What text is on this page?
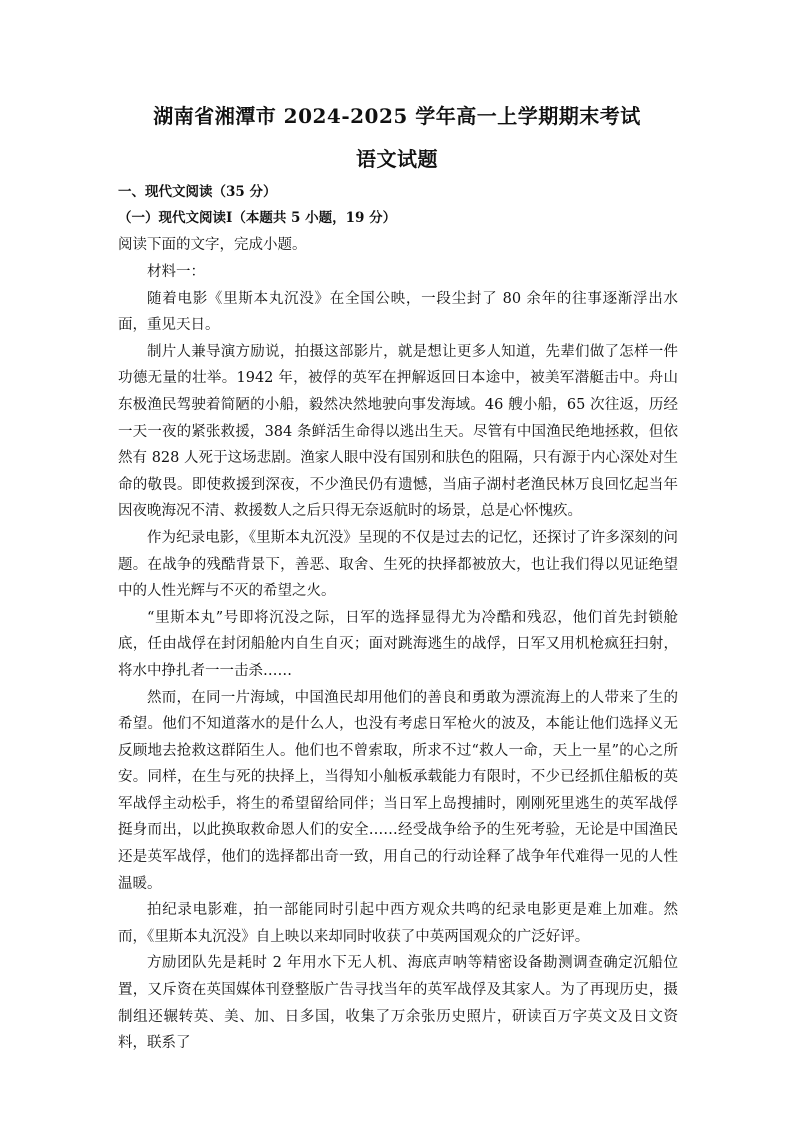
湖南省湘潭市 2024-2025 学年高一上学期期末考试
语文试题
一、现代文阅读（35 分）
（一）现代文阅读Ⅰ（本题共 5 小题，19 分）
阅读下面的文字，完成小题。

材料一：

随着电影《里斯本丸沉没》在全国公映，一段尘封了 80 余年的往事逐渐浮出水面，重见天日。

制片人兼导演方励说，拍摄这部影片，就是想让更多人知道，先辈们做了怎样一件功德无量的壮举。1942 年，被俘的英军在押解返回日本途中，被美军潜艇击中。舟山东极渔民驾驶着简陋的小船，毅然决然地驶向事发海域。46 艘小船，65 次往返，历经一天一夜的紧张救援，384 条鲜活生命得以逃出生天。尽管有中国渔民绝地拯救，但依然有 828 人死于这场悲剧。渔家人眼中没有国别和肤色的阻隔，只有源于内心深处对生命的敬畏。即使救援到深夜，不少渔民仍有遗憾，当庙子湖村老渔民林万良回忆起当年因夜晚海况不清、救援数人之后只得无奈返航时的场景，总是心怀愧疚。

作为纪录电影，《里斯本丸沉没》呈现的不仅是过去的记忆，还探讨了许多深刻的问题。在战争的残酷背景下，善恶、取舍、生死的抉择都被放大，也让我们得以见证绝望中的人性光辉与不灭的希望之火。

“里斯本丸”号即将沉没之际，日军的选择显得尤为冷酷和残忍，他们首先封锁舱底，任由战俘在封闭船舱内自生自灭；面对跳海逃生的战俘，日军又用机枪疯狂扫射，将水中挣扎者一一击杀……

然而，在同一片海域，中国渔民却用他们的善良和勇敢为漂流海上的人带来了生的希望。他们不知道落水的是什么人，也没有考虑日军枪火的波及，本能让他们选择义无反顾地去抢救这群陌生人。他们也不曾索取，所求不过“救人一命，天上一星”的心之所安。同样，在生与死的抉择上，当得知小舢板承载能力有限时，不少已经抓住船板的英军战俘主动松手，将生的希望留给同伴；当日军上岛搜捕时，刚刚死里逃生的英军战俘挺身而出，以此换取救命恩人们的安全……经受战争给予的生死考验，无论是中国渔民还是英军战俘，他们的选择都出奇一致，用自己的行动诠释了战争年代难得一见的人性温暖。

拍纪录电影难，拍一部能同时引起中西方观众共鸣的纪录电影更是难上加难。然而，《里斯本丸沉没》自上映以来却同时收获了中英两国观众的广泛好评。

方励团队先是耗时 2 年用水下无人机、海底声呐等精密设备勘测调查确定沉船位置，又斥资在英国媒体刊登整版广告寻找当年的英军战俘及其家人。为了再现历史，摄制组还辗转英、美、加、日多国，收集了万余张历史照片，研读百万字英文及日文资料，联系了
